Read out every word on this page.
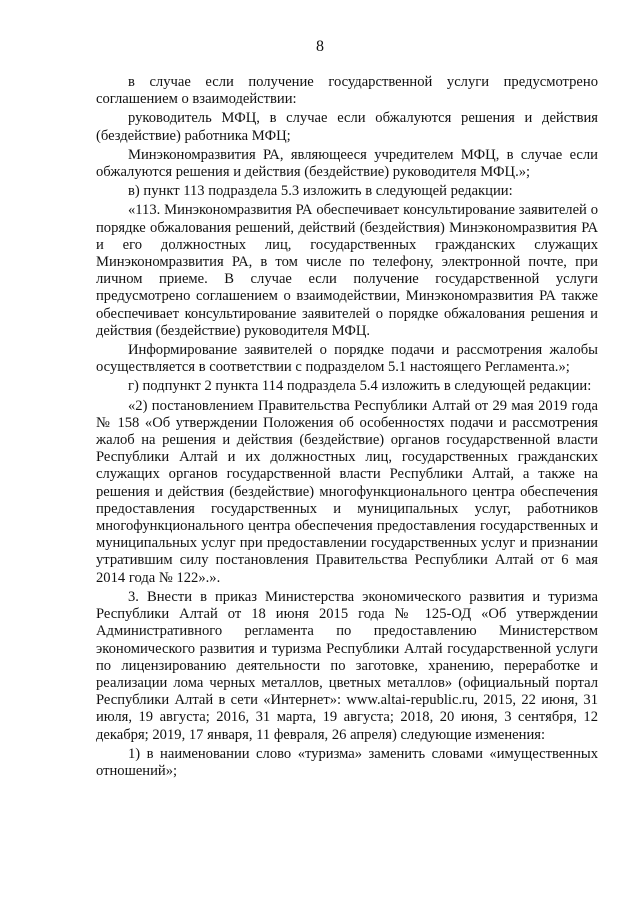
8

в случае если получение государственной услуги предусмотрено соглашением о взаимодействии:

руководитель МФЦ, в случае если обжалуются решения и действия (бездействие) работника МФЦ;

Минэкономразвития РА, являющееся учредителем МФЦ, в случае если обжалуются решения и действия (бездействие) руководителя МФЦ.»;

в) пункт 113 подраздела 5.3 изложить в следующей редакции:

«113. Минэкономразвития РА обеспечивает консультирование заявителей о порядке обжалования решений, действий (бездействия) Минэкономразвития РА и его должностных лиц, государственных гражданских служащих Минэкономразвития РА, в том числе по телефону, электронной почте, при личном приеме. В случае если получение государственной услуги предусмотрено соглашением о взаимодействии, Минэкономразвития РА также обеспечивает консультирование заявителей о порядке обжалования решения и действия (бездействие) руководителя МФЦ.

Информирование заявителей о порядке подачи и рассмотрения жалобы осуществляется в соответствии с подразделом 5.1 настоящего Регламента.»;

г) подпункт 2 пункта 114 подраздела 5.4 изложить в следующей редакции:

«2) постановлением Правительства Республики Алтай от 29 мая 2019 года № 158 «Об утверждении Положения об особенностях подачи и рассмотрения жалоб на решения и действия (бездействие) органов государственной власти Республики Алтай и их должностных лиц, государственных гражданских служащих органов государственной власти Республики Алтай, а также на решения и действия (бездействие) многофункционального центра обеспечения предоставления государственных и муниципальных услуг, работников многофункционального центра обеспечения предоставления государственных и муниципальных услуг при предоставлении государственных услуг и признании утратившим силу постановления Правительства Республики Алтай от 6 мая 2014 года № 122».».

3. Внести в приказ Министерства экономического развития и туризма Республики Алтай от 18 июня 2015 года № 125-ОД «Об утверждении Административного регламента по предоставлению Министерством экономического развития и туризма Республики Алтай государственной услуги по лицензированию деятельности по заготовке, хранению, переработке и реализации лома черных металлов, цветных металлов» (официальный портал Республики Алтай в сети «Интернет»: www.altai-republic.ru, 2015, 22 июня, 31 июля, 19 августа; 2016, 31 марта, 19 августа; 2018, 20 июня, 3 сентября, 12 декабря; 2019, 17 января, 11 февраля, 26 апреля) следующие изменения:

1) в наименовании слово «туризма» заменить словами «имущественных отношений»;
